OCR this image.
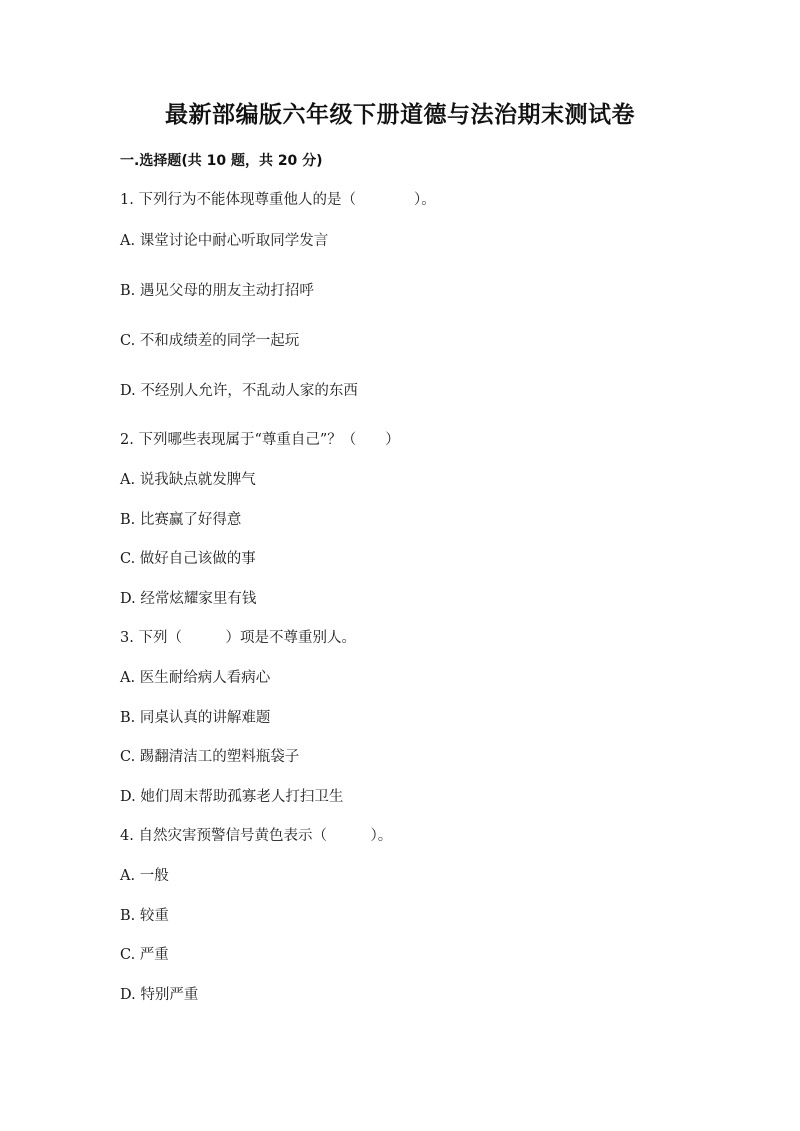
最新部编版六年级下册道德与法治期末测试卷
一.选择题(共 10 题，共 20 分)
1. 下列行为不能体现尊重他人的是（　　　　）。
A. 课堂讨论中耐心听取同学发言
B. 遇见父母的朋友主动打招呼
C. 不和成绩差的同学一起玩
D. 不经别人允许，不乱动人家的东西
2. 下列哪些表现属于“尊重自己”？（　　）
A. 说我缺点就发脾气
B. 比赛赢了好得意
C. 做好自己该做的事
D. 经常炫耀家里有钱
3. 下列（　　　）项是不尊重别人。
A. 医生耐给病人看病心
B. 同桌认真的讲解难题
C. 踢翻清洁工的塑料瓶袋子
D. 她们周末帮助孤寡老人打扫卫生
4. 自然灾害预警信号黄色表示（　　　）。
A. 一般
B. 较重
C. 严重
D. 特别严重
